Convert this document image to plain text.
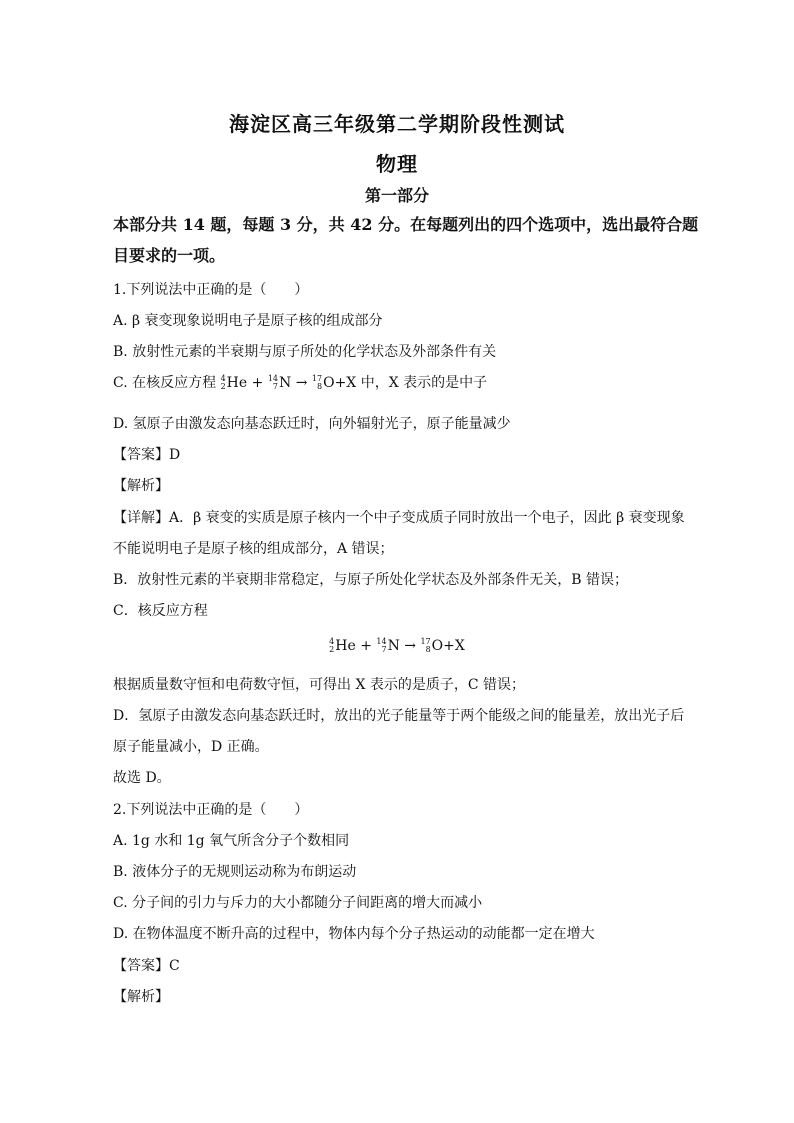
海淀区高三年级第二学期阶段性测试
物理
第一部分
本部分共 14 题，每题 3 分，共 42 分。在每题列出的四个选项中，选出最符合题
目要求的一项。
1.下列说法中正确的是（　　）
A. β 衰变现象说明电子是原子核的组成部分
B. 放射性元素的半衰期与原子所处的化学状态及外部条件有关
C. 在核反应方程 4
2 He + 14
7 N → 17
8 O+X 中，X 表示的是中子
D. 氢原子由激发态向基态跃迁时，向外辐射光子，原子能量减少
【答案】D
【解析】
【详解】A．β 衰变的实质是原子核内一个中子变成质子同时放出一个电子，因此 β 衰变现象
不能说明电子是原子核的组成部分，A 错误；
B．放射性元素的半衰期非常稳定，与原子所处化学状态及外部条件无关，B 错误；
C．核反应方程
4
2 He + 14
7 N → 17
8 O+X
根据质量数守恒和电荷数守恒，可得出 X 表示的是质子，C 错误；
D．氢原子由激发态向基态跃迁时，放出的光子能量等于两个能级之间的能量差，放出光子后
原子能量减小，D 正确。
故选 D。
2.下列说法中正确的是（　　）
A. 1g 水和 1g 氧气所含分子个数相同
B. 液体分子的无规则运动称为布朗运动
C. 分子间的引力与斥力的大小都随分子间距离的增大而减小
D. 在物体温度不断升高的过程中，物体内每个分子热运动的动能都一定在增大
【答案】C
【解析】
